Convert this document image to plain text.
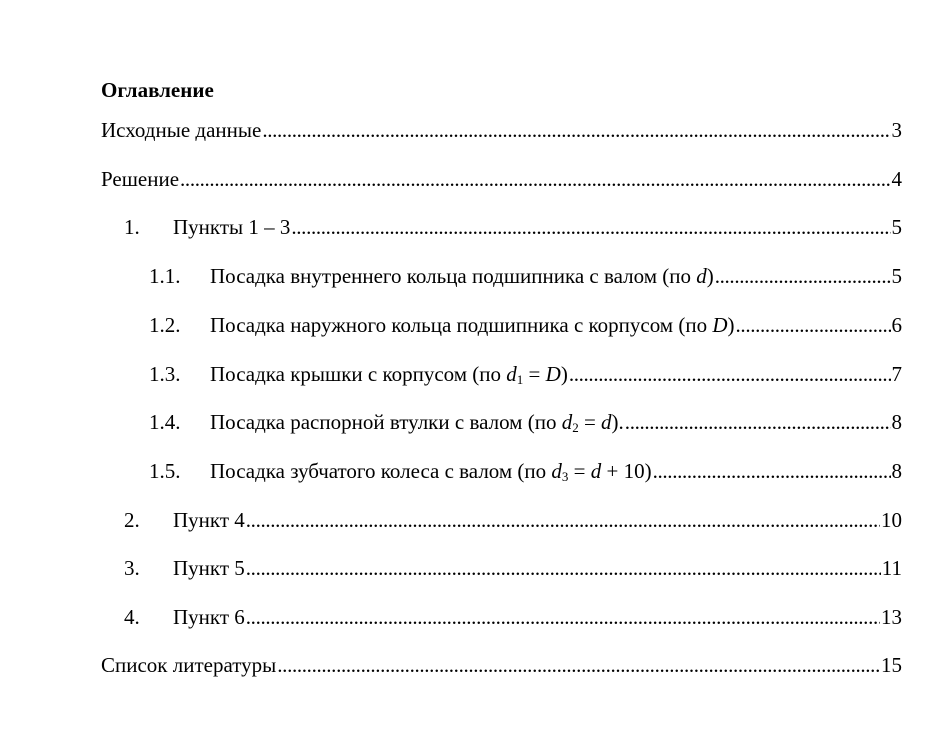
Оглавление
Исходные данные . . .	3
Решение . . .	4
1.	Пункты 1 – 3 . . .	5
1.1.	Посадка внутреннего кольца подшипника с валом (по d) . . .	5
1.2.	Посадка наружного кольца подшипника с корпусом (по D) . . .	6
1.3.	Посадка крышки с корпусом (по $d_1 = D$) . . .	7
1.4.	Посадка распорной втулки с валом (по $d_2 = d$). . . .	8
1.5.	Посадка зубчатого колеса с валом (по $d_3 = d + 10$) . . .	8
2.	Пункт 4 . . .	10
3.	Пункт 5 . . .	11
4.	Пункт 6 . . .	13
Список литературы . . .	15
